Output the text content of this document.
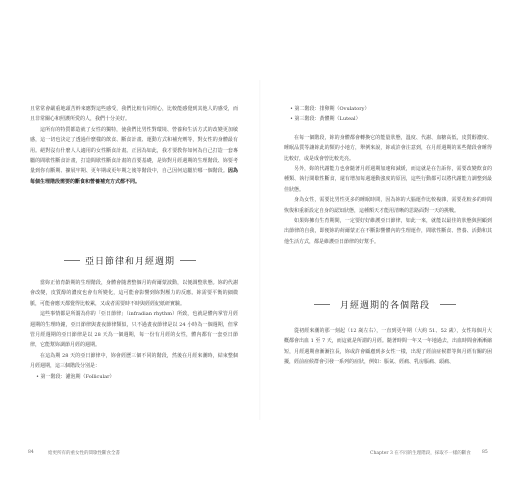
且常常會嚴重地頭苦幹來應對這些感受，我們比較有同理心，比較能感覺到其他人的感受，而且非常關心和照護所愛的人，我們十分美好。

這所有的特質都造就了女性的獨特，使我們比男性對環境、營養和生活方式的改變更加敏感，這一切也決定了透過什麼樣的飲食、斷食計畫、運動方式和補充劑等，對女性的身體最有用。絕對沒有什麼人人適用的女性斷食計畫。正因為如此，我才要教你如何為自己打造一套專屬的間歇性斷食計畫，打造間歇性斷食計畫的首要基礎，是妳對月經週期的生理階段、妳要考量到你有斷期、擴展牢期、更年期或更年期之後等階段中，自己因何這屬於哪一個階段。因為每個生理階段需要的斷食和營養補充方式都不同。

亞日節律和月經週期

當妳正值育齡期的生理階段，身體會隨著整個月的荷爾蒙波動，以便調整狀態。妳的代謝會改變，皮質醇的濃度也會有所變化，這可能會影響到妳對壓力的反應。妳需要平衡的細微脈，可能會應天都覺得比較累，又或者需要時不時與經經紀紙研實驗。

這些事情都是所謂為你的「亞日節律」（infradian rhythm）所致，也就是體內掌管月經週期的生理時鐘，亞日節律與晝夜節律類似，只不過晝夜節律是以 24 小時為一個週期，但掌管月經週期的亞日節律是以 28 天為一個週期，每一份有月經的女性，體內都有一套亞日節律，它能幫妳調節月經的週期。

在這為期 28 天的亞日節律中，妳會經歷三個不同的階段，然後在月經來潮時，結束整個月經週期，這三個階段分別是：

• 第一階段：濾泡期（Follicular）

84	給更所有的重女性的間歇性斷食全書

• 第二階段：排卵期（Ovulatory）

• 第三階段：黃體期（Luteal）

在每一個階段，妳的身體都會轉換它的能量狀態，溫度、代謝、血糖高低，皮質醇濃度、睡眠品質等讓妳此的類的小地方，舉例來說，妳或許會注意到，在月經週期的某些階段會睡得比較好，或是成會曾比較光亮。

另外，妳的代謝能力也會隨著月經週期加速和減緩，而這就是在告訴你，需要改變飲食的種類、執行間歇性斷食，還有增加每週運動強度的原因，這些行動都可以將代謝能力調整到最佳狀態。

身為女性，需要比男性更多的睡眠時間，因為妳的大腦運作比較複雜，需要花較多的時間恢復和重新設定自身的認知狀態，這種額天才能用清晰的思路面對一天的挑戰。

如果妳擁有生育期間，一定要好好維護亞日節律，如此一來，就能以最佳的狀態與照顧到出節律的自我，即便妳的荷爾蒙正在不斷影響體內的生理運作，間歇性斷食、營養、活動和其他生活方式，都是維護亞日節律的好幫手。

月經週期的各個階段

從初經來潮的那一刻起（12 歲左右），一直到更年期（大約 51、52 歲），女性每個月大概都會出血 1 至 7 天，而這就是所謂的月經。隨著時間一年又一年地過去，出血時間會漸漸縮短，月經週期會漸漸拉長，妳或許會顧慮到多女性一樣，出現了經前症候群等與月經有關的困擾，經前症候群會引發一系列的症狀，例如：脹氣、經痛、乳房脹痛、頭痛、

Chapter 3 在不同的生理階段，採取不一樣的斷食	85
